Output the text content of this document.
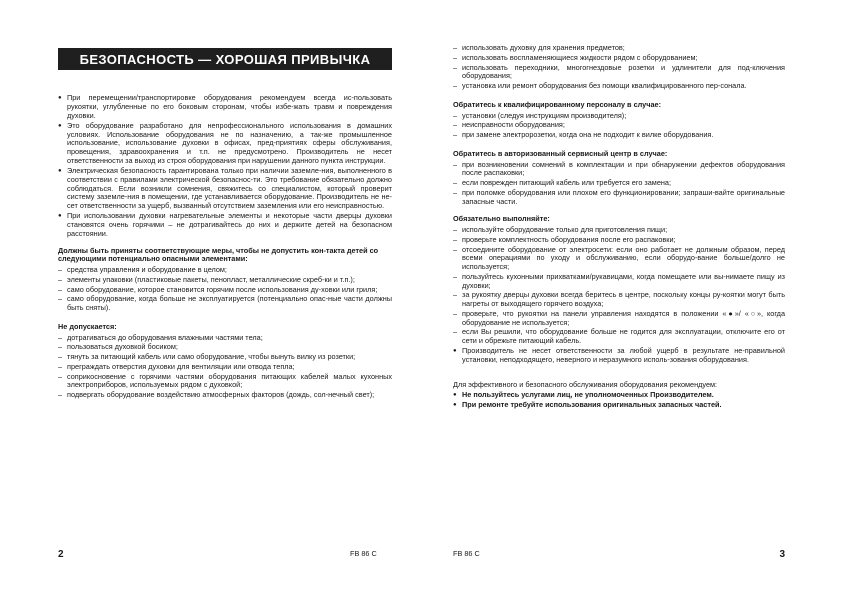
БЕЗОПАСНОСТЬ — ХОРОШАЯ ПРИВЫЧКА
● При перемещении/транспортировке оборудования рекомендуем всегда ис-пользовать рукоятки, углубленные по его боковым сторонам, чтобы избе-жать травм и повреждения духовки.
● Это оборудование разработано для непрофессионального использования в домашних условиях. Использование оборудования не по назначению, а так-же промышленное использование, использование духовки в офисах, пред-приятиях сферы обслуживания, провещения, здравоохранения и т.п. не предусмотрено. Производитель не несет ответственности за выход из строя оборудования при нарушении данного пункта инструкции.
● Электрическая безопасность гарантирована только при наличии заземле-ния, выполненного в соответствии с правилами электрической безопаснос-ти. Это требование обязательно должно соблюдаться. Если возникли сомнения, свяжитесь со специалистом, который проверит систему заземле-ния в помещении, где устанавливается оборудование. Производитель не не-сет ответственности за ущерб, вызванный отсутствием заземления или его неисправностью.
● При использовании духовки нагревательные элементы и некоторые части дверцы духовки становятся очень горячими – не дотрагивайтесь до них и держите детей на безопасном расстоянии.
Должны быть приняты соответствующие меры, чтобы не допустить кон-такта детей со следующими потенциально опасными элементами:
– средства управления и оборудование в целом;
– элементы упаковки (пластиковые пакеты, пенопласт, металлические скреб-ки и т.п.);
– само оборудование, которое становится горячим после использования ду-ховки или гриля;
– само оборудование, когда больше не эксплуатируется (потенциально опас-ные части должны быть сняты).
Не допускается:
– дотрагиваться до оборудования влажными частями тела;
– пользоваться духовкой босиком;
– тянуть за питающий кабель или само оборудование, чтобы вынуть вилку из розетки;
– преграждать отверстия духовки для вентиляции или отвода тепла;
– соприкосновение с горячими частями оборудования питающих кабелей малых кухонных электроприборов, используемых рядом с духовкой;
– подвергать оборудование воздействию атмосферных факторов (дождь, сол-нечный свет);
2	FB 86 C
– использовать духовку для хранения предметов;
– использовать воспламеняющиеся жидкости рядом с оборудованием;
– использовать переходники, многогнездовые розетки и удлинители для под-ключения оборудования;
– установка или ремонт оборудования без помощи квалифицированного пер-сонала.
Обратитесь к квалифицированному персоналу в случае:
– установки (следуя инструкциям производителя);
– неисправности оборудования;
– при замене электророзетки, когда она не подходит к вилке оборудования.
Обратитесь в авторизованный сервисный центр в случае:
– при возникновении сомнений в комплектации и при обнаружении дефектов оборудования после распаковки;
– если поврежден питающий кабель или требуется его замена;
– при поломке оборудования или плохом его функционировании; запраши-вайте оригинальные запасные части.
Обязательно выполняйте:
– используйте оборудование только для приготовления пищи;
– проверьте комплектность оборудования после его распаковки;
– отсоедините оборудование от электросети: если оно работает не должным образом, перед всеми операциями по уходу и обслуживанию, если оборудо-вание больше/долго не используется;
– пользуйтесь кухонными прихватками/рукавицами, когда помещаете или вы-нимаете пищу из духовки;
– за рукоятку дверцы духовки всегда беритесь в центре, поскольку концы ру-коятки могут быть нагреты от выходящего горячего воздуха;
– проверьте, что рукоятки на панели управления находятся в положении «●»/ «○», когда оборудование не используется;
– если Вы решили, что оборудование больше не годится для эксплуатации, отключите его от сети и обрежьте питающий кабель.
● Производитель не несет ответственности за любой ущерб в результате не-правильной установки, неподходящего, неверного и неразумного исполь-зования оборудования.

Для эффективного и безопасного обслуживания оборудования рекомендуем:

● Не пользуйтесь услугами лиц, не уполномоченных Производителем.
● При ремонте требуйте использования оригинальных запасных частей.
FB 86 C	3
